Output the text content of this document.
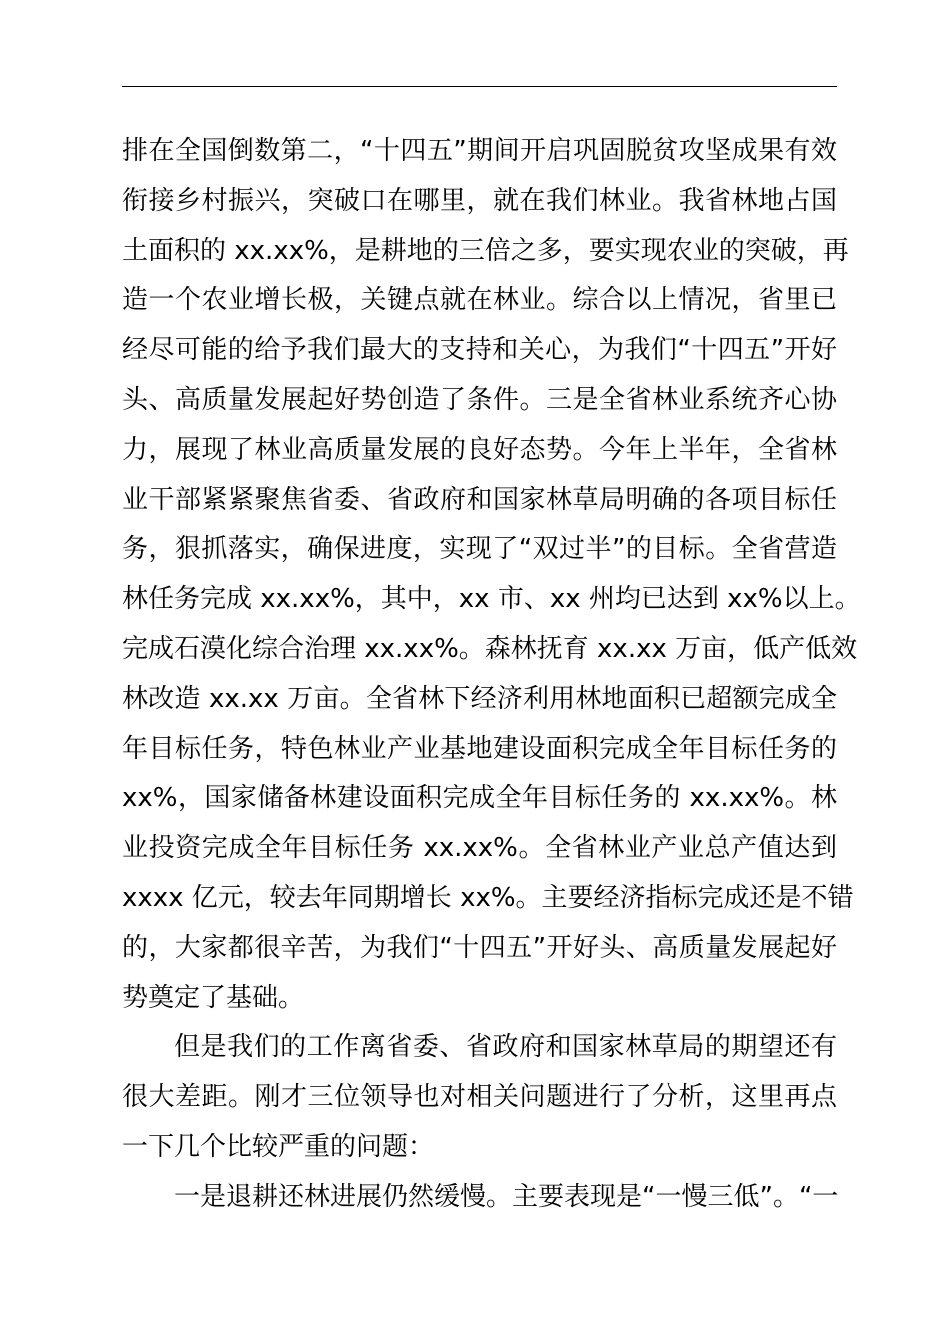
排在全国倒数第二，“十四五”期间开启巩固脱贫攻坚成果有效
衔接乡村振兴，突破口在哪里，就在我们林业。我省林地占国
土面积的 xx.xx%，是耕地的三倍之多，要实现农业的突破，再
造一个农业增长极，关键点就在林业。综合以上情况，省里已
经尽可能的给予我们最大的支持和关心，为我们“十四五”开好
头、高质量发展起好势创造了条件。三是全省林业系统齐心协
力，展现了林业高质量发展的良好态势。今年上半年，全省林
业干部紧紧聚焦省委、省政府和国家林草局明确的各项目标任
务，狠抓落实，确保进度，实现了“双过半”的目标。全省营造
林任务完成 xx.xx%，其中，xx 市、xx 州均已达到 xx%以上。
完成石漠化综合治理 xx.xx%。森林抚育 xx.xx 万亩，低产低效
林改造 xx.xx 万亩。全省林下经济利用林地面积已超额完成全
年目标任务，特色林业产业基地建设面积完成全年目标任务的
xx%，国家储备林建设面积完成全年目标任务的 xx.xx%。林
业投资完成全年目标任务 xx.xx%。全省林业产业总产值达到
xxxx 亿元，较去年同期增长 xx%。主要经济指标完成还是不错
的，大家都很辛苦，为我们“十四五”开好头、高质量发展起好
势奠定了基础。
但是我们的工作离省委、省政府和国家林草局的期望还有
很大差距。刚才三位领导也对相关问题进行了分析，这里再点
一下几个比较严重的问题：
一是退耕还林进展仍然缓慢。主要表现是“一慢三低”。“一
